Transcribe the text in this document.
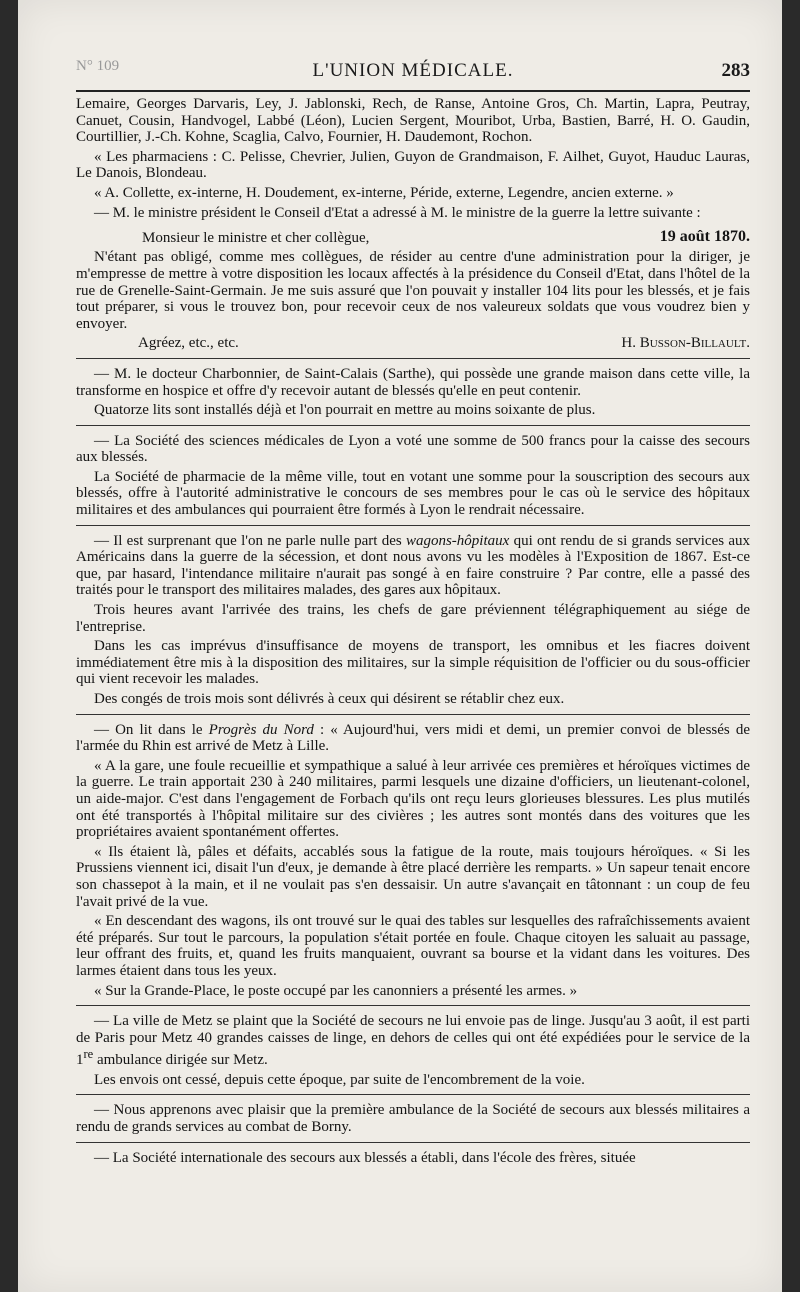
N° 109	L'UNION MÉDICALE.	283

Lemaire, Georges Darvaris, Ley, J. Jablonski, Rech, de Ranse, Antoine Gros, Ch. Martin, Lapra, Peutray, Canuet, Cousin, Handvogel, Labbé (Léon), Lucien Sergent, Mouribot, Urba, Bastien, Barré, H. O. Gaudin, Courtillier, J.-Ch. Kohne, Scaglia, Calvo, Fournier, H. Daudemont, Rochon.

« Les pharmaciens : C. Pelisse, Chevrier, Julien, Guyon de Grandmaison, F. Ailhet, Guyot, Hauduc Lauras, Le Danois, Blondeau.

« A. Collette, ex-interne, H. Doudement, ex-interne, Péride, externe, Legendre, ancien externe. »

— M. le ministre président le Conseil d'Etat a adressé à M. le ministre de la guerre la lettre suivante :

19 août 1870.

Monsieur le ministre et cher collègue,

N'étant pas obligé, comme mes collègues, de résider au centre d'une administration pour la diriger, je m'empresse de mettre à votre disposition les locaux affectés à la présidence du Conseil d'Etat, dans l'hôtel de la rue de Grenelle-Saint-Germain. Je me suis assuré que l'on pouvait y installer 104 lits pour les blessés, et je fais tout préparer, si vous le trouvez bon, pour recevoir ceux de nos valeureux soldats que vous voudrez bien y envoyer.

Agréez, etc., etc.	H. Busson-Billault.

— M. le docteur Charbonnier, de Saint-Calais (Sarthe), qui possède une grande maison dans cette ville, la transforme en hospice et offre d'y recevoir autant de blessés qu'elle en peut contenir.

Quatorze lits sont installés déjà et l'on pourrait en mettre au moins soixante de plus.

— La Société des sciences médicales de Lyon a voté une somme de 500 francs pour la caisse des secours aux blessés.

La Société de pharmacie de la même ville, tout en votant une somme pour la souscription des secours aux blessés, offre à l'autorité administrative le concours de ses membres pour le cas où le service des hôpitaux militaires et des ambulances qui pourraient être formés à Lyon le rendrait nécessaire.

— Il est surprenant que l'on ne parle nulle part des wagons-hôpitaux qui ont rendu de si grands services aux Américains dans la guerre de la sécession, et dont nous avons vu les modèles à l'Exposition de 1867. Est-ce que, par hasard, l'intendance militaire n'aurait pas songé à en faire construire ? Par contre, elle a passé des traités pour le transport des militaires malades, des gares aux hôpitaux.

Trois heures avant l'arrivée des trains, les chefs de gare préviennent télégraphiquement au siége de l'entreprise.

Dans les cas imprévus d'insuffisance de moyens de transport, les omnibus et les fiacres doivent immédiatement être mis à la disposition des militaires, sur la simple réquisition de l'officier ou du sous-officier qui vient recevoir les malades.

Des congés de trois mois sont délivrés à ceux qui désirent se rétablir chez eux.

— On lit dans le Progrès du Nord : « Aujourd'hui, vers midi et demi, un premier convoi de blessés de l'armée du Rhin est arrivé de Metz à Lille.

« A la gare, une foule recueillie et sympathique a salué à leur arrivée ces premières et héroïques victimes de la guerre. Le train apportait 230 à 240 militaires, parmi lesquels une dizaine d'officiers, un lieutenant-colonel, un aide-major. C'est dans l'engagement de Forbach qu'ils ont reçu leurs glorieuses blessures. Les plus mutilés ont été transportés à l'hôpital militaire sur des civières ; les autres sont montés dans des voitures que les propriétaires avaient spontanément offertes.

« Ils étaient là, pâles et défaits, accablés sous la fatigue de la route, mais toujours héroïques. « Si les Prussiens viennent ici, disait l'un d'eux, je demande à être placé derrière les remparts. » Un sapeur tenait encore son chassepot à la main, et il ne voulait pas s'en dessaisir. Un autre s'avançait en tâtonnant : un coup de feu l'avait privé de la vue.

« En descendant des wagons, ils ont trouvé sur le quai des tables sur lesquelles des rafraîchissements avaient été préparés. Sur tout le parcours, la population s'était portée en foule. Chaque citoyen les saluait au passage, leur offrant des fruits, et, quand les fruits manquaient, ouvrant sa bourse et la vidant dans les voitures. Des larmes étaient dans tous les yeux.

« Sur la Grande-Place, le poste occupé par les canonniers a présenté les armes. »

— La ville de Metz se plaint que la Société de secours ne lui envoie pas de linge. Jusqu'au 3 août, il est parti de Paris pour Metz 40 grandes caisses de linge, en dehors de celles qui ont été expédiées pour le service de la 1re ambulance dirigée sur Metz.

Les envois ont cessé, depuis cette époque, par suite de l'encombrement de la voie.

— Nous apprenons avec plaisir que la première ambulance de la Société de secours aux blessés militaires a rendu de grands services au combat de Borny.

— La Société internationale des secours aux blessés a établi, dans l'école des frères, située
